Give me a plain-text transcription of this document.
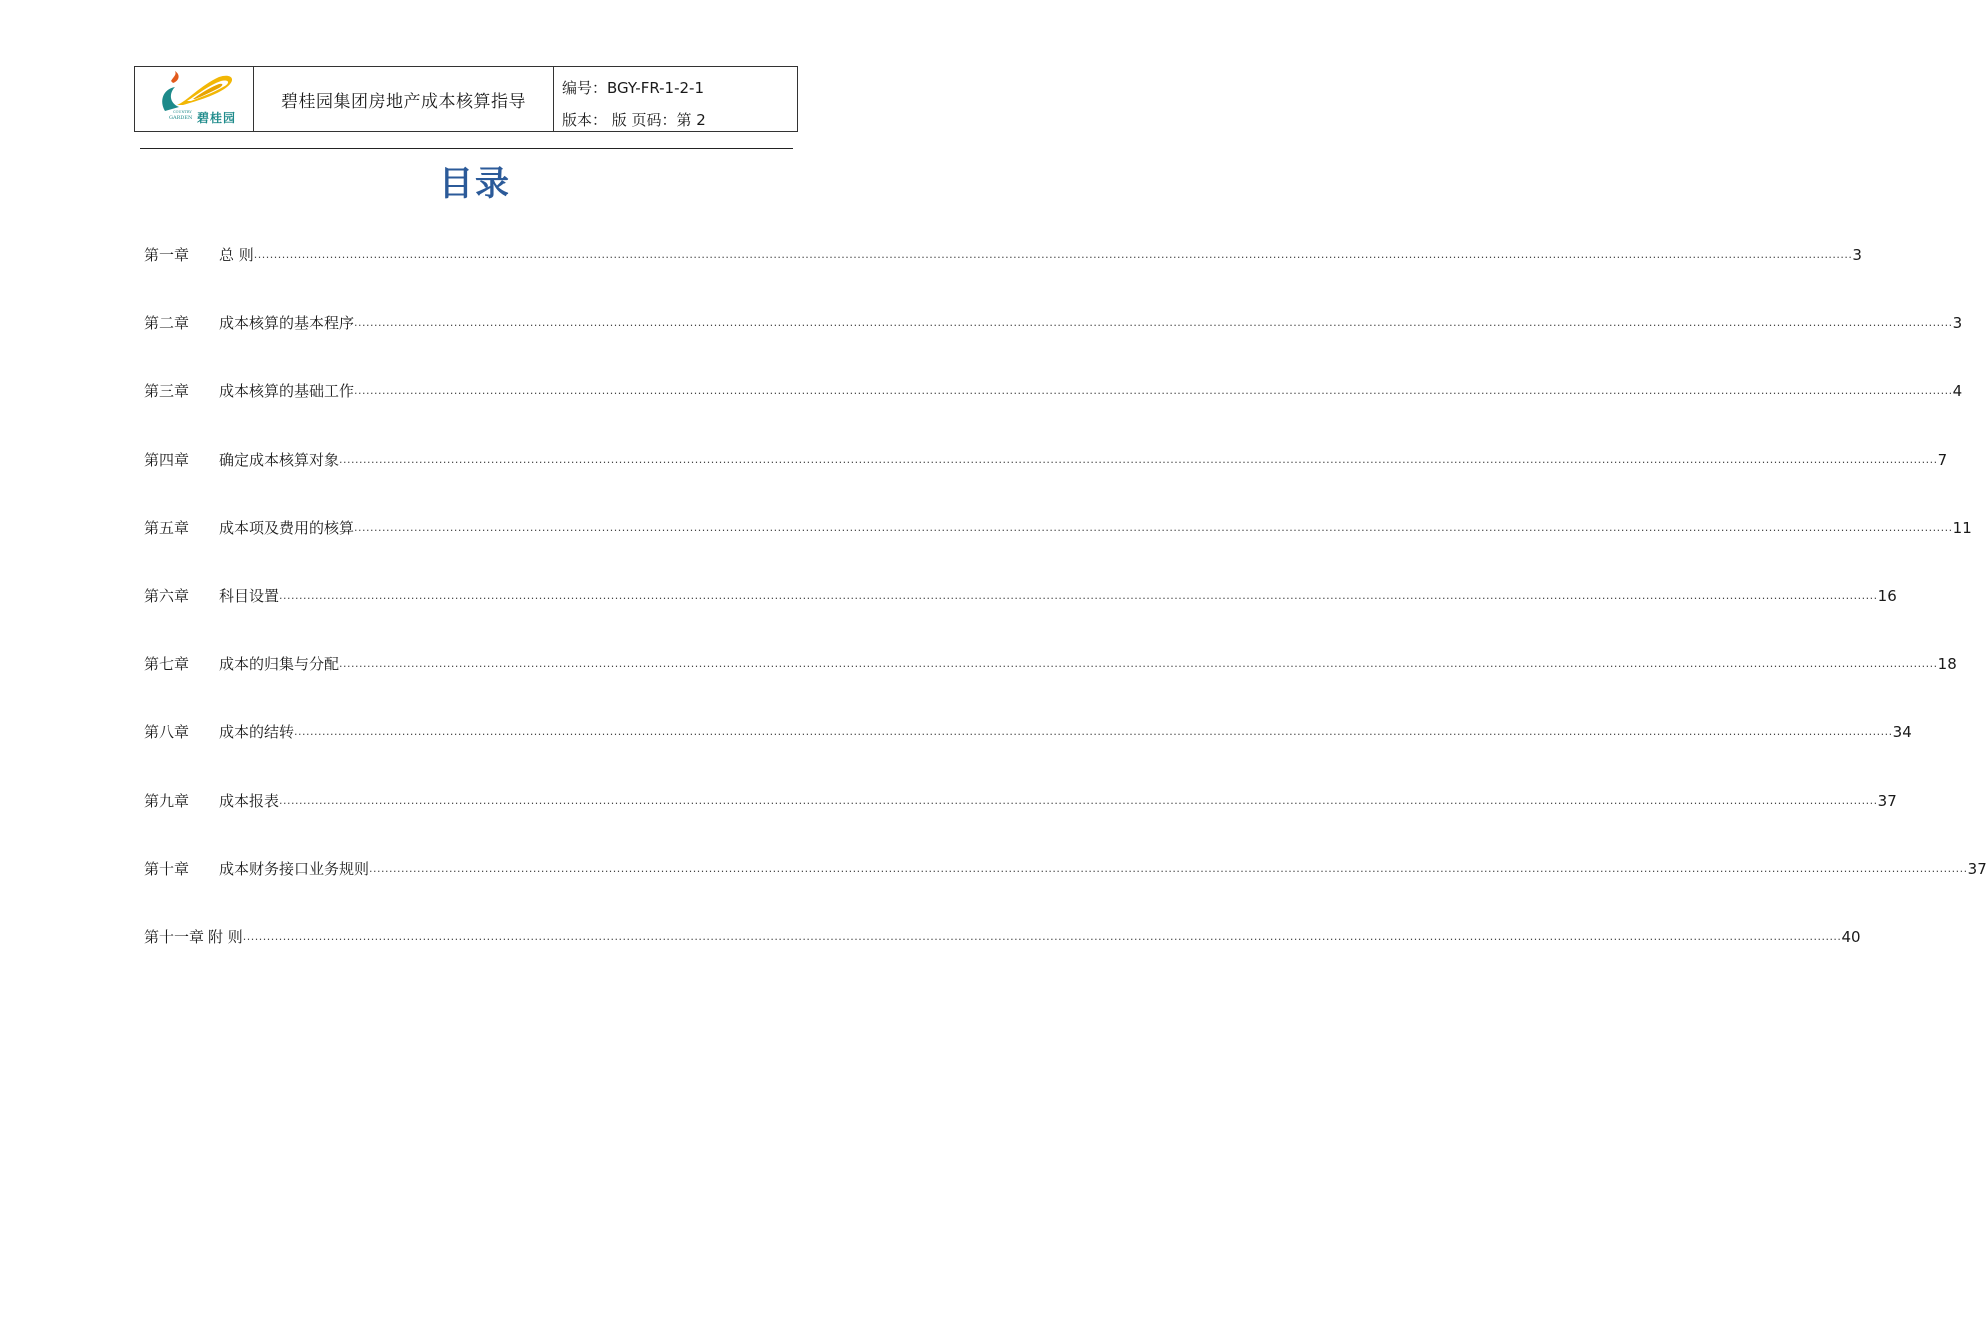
COUNTRY
GARDEN 碧桂园
碧桂园集团房地产成本核算指导
编号：BGY-FR-1-2-1
版本： 版 页码：第 2
目录
第一章	总 则 ................................................................................................................................................................................................................................................................................................................................................................................................................ 3
第二章	成本核算的基本程序 ................................................................................................................................................................................................................................................................................................................................................................................................................ 3
第三章	成本核算的基础工作 ................................................................................................................................................................................................................................................................................................................................................................................................................ 4
第四章	确定成本核算对象 ................................................................................................................................................................................................................................................................................................................................................................................................................ 7
第五章	成本项及费用的核算 ................................................................................................................................................................................................................................................................................................................................................................................................................ 11
第六章	科目设置 ................................................................................................................................................................................................................................................................................................................................................................................................................ 16
第七章	成本的归集与分配 ................................................................................................................................................................................................................................................................................................................................................................................................................ 18
第八章	成本的结转 ................................................................................................................................................................................................................................................................................................................................................................................................................ 34
第九章	成本报表 ................................................................................................................................................................................................................................................................................................................................................................................................................ 37
第十章	成本财务接口业务规则 ................................................................................................................................................................................................................................................................................................................................................................................................................ 37
第十一章 附 则 ................................................................................................................................................................................................................................................................................................................................................................................................................ 40
